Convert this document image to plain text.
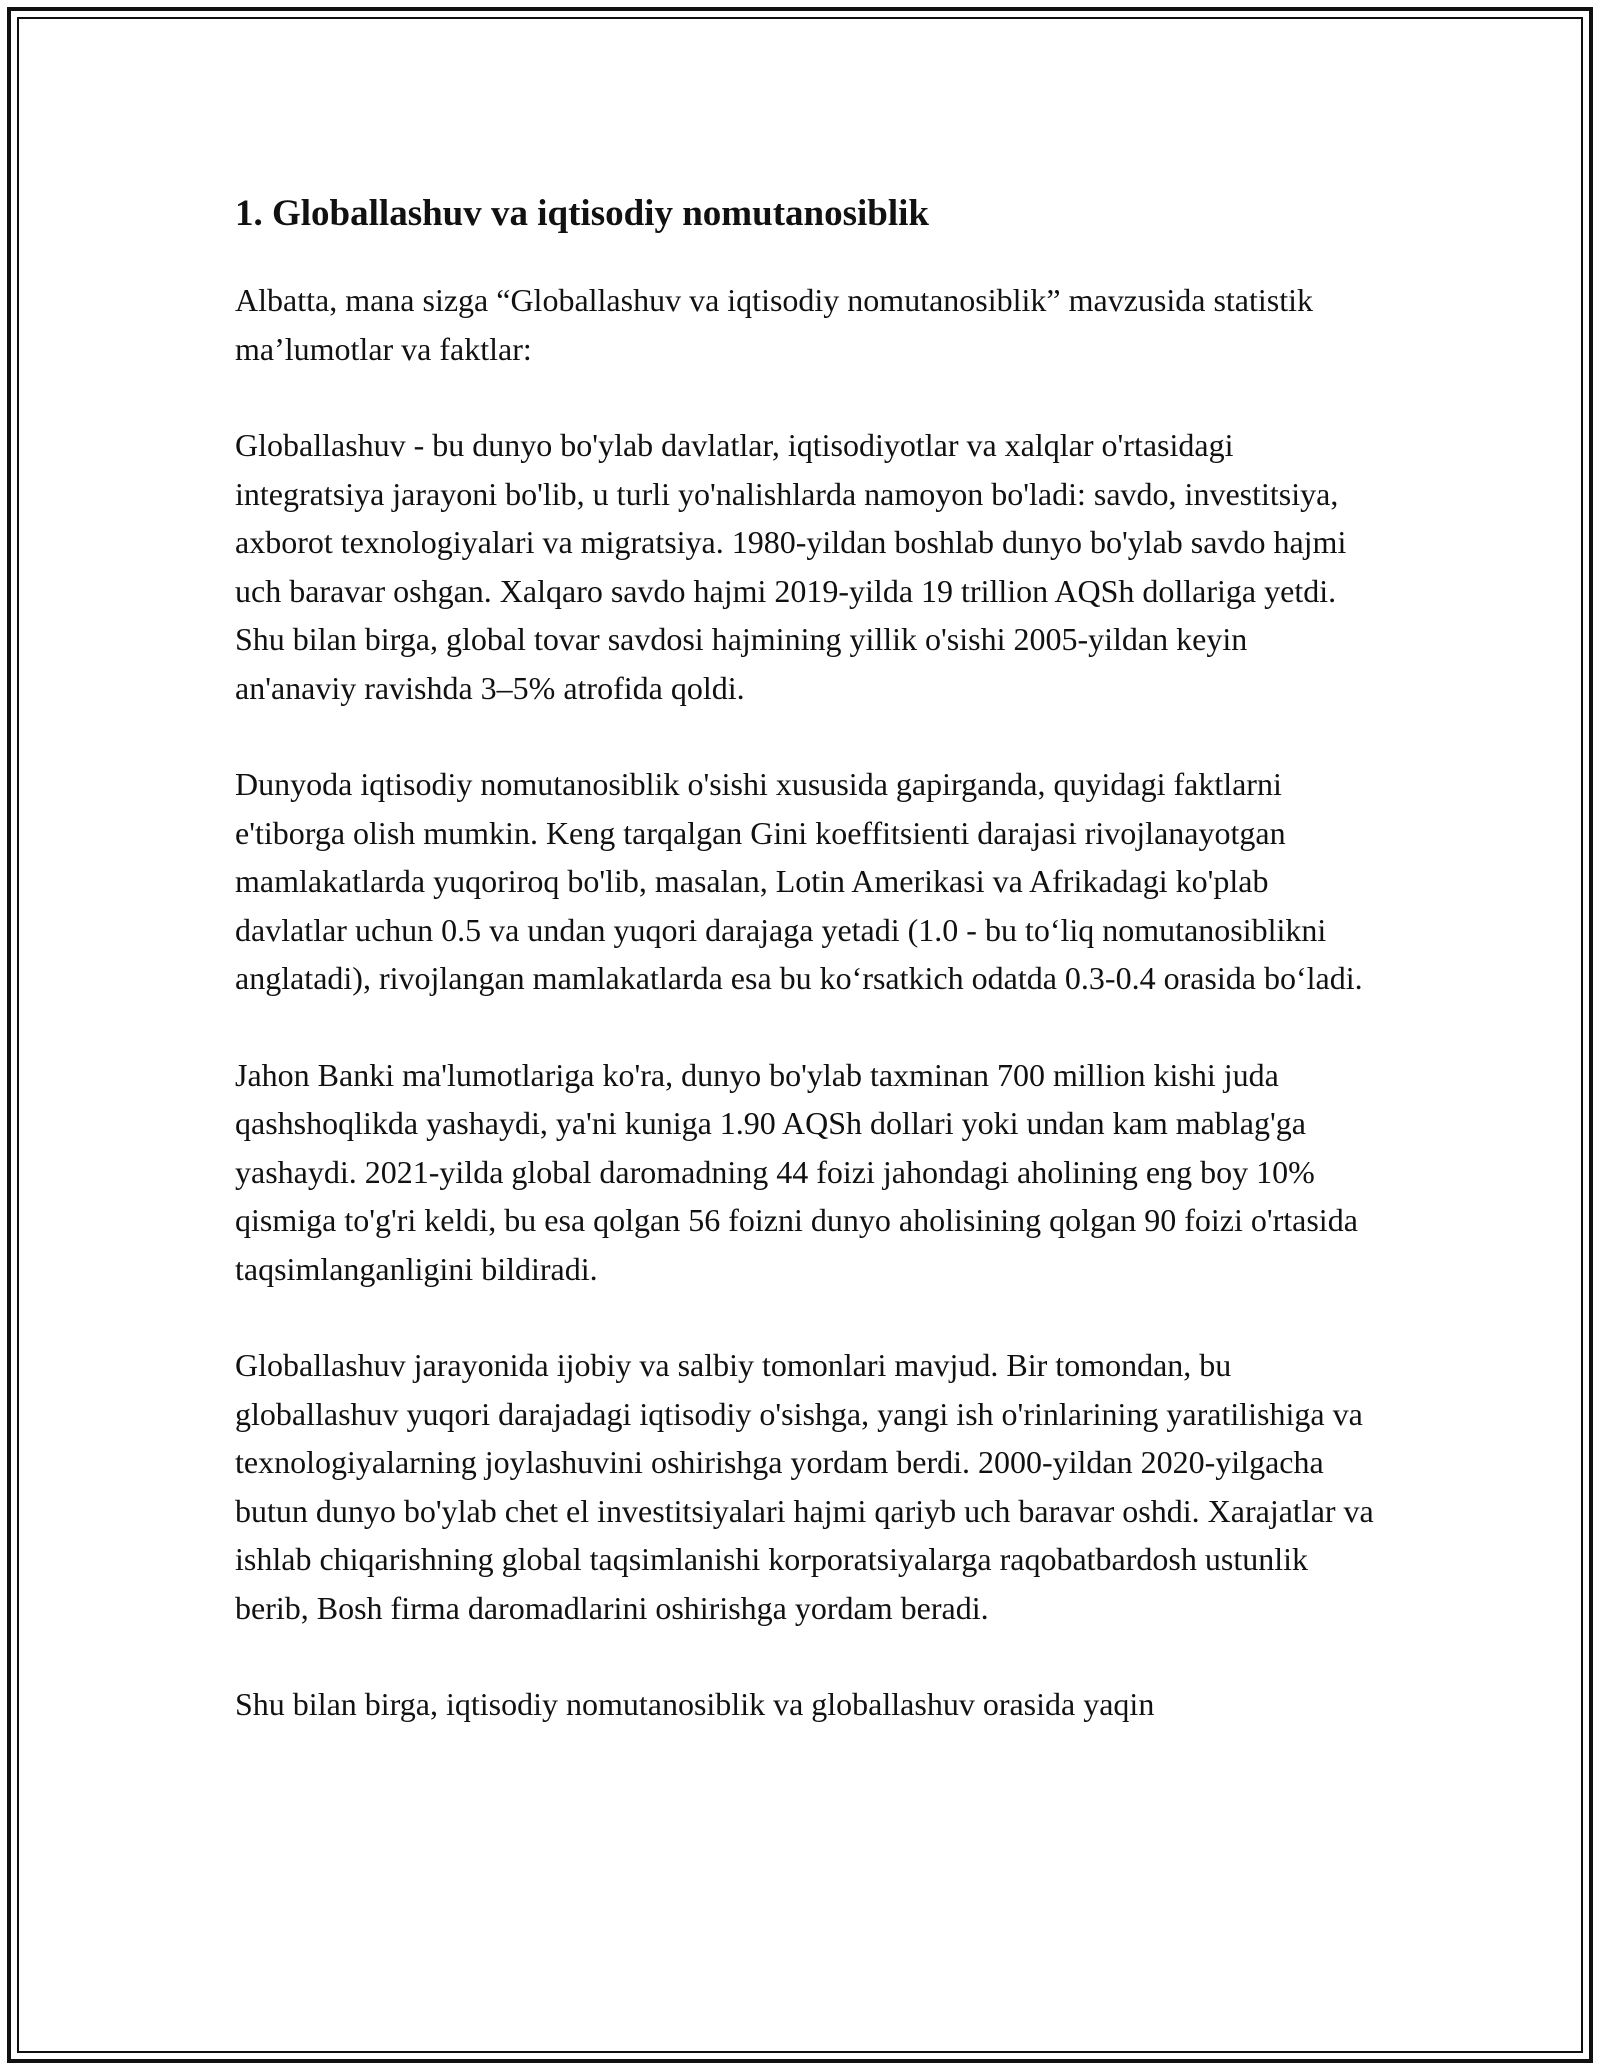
1. Globallashuv va iqtisodiy nomutanosiblik

Albatta, mana sizga “Globallashuv va iqtisodiy nomutanosiblik” mavzusida statistik ma’lumotlar va faktlar:

Globallashuv - bu dunyo bo'ylab davlatlar, iqtisodiyotlar va xalqlar o'rtasidagi integratsiya jarayoni bo'lib, u turli yo'nalishlarda namoyon bo'ladi: savdo, investitsiya, axborot texnologiyalari va migratsiya. 1980-yildan boshlab dunyo bo'ylab savdo hajmi uch baravar oshgan. Xalqaro savdo hajmi 2019-yilda 19 trillion AQSh dollariga yetdi. Shu bilan birga, global tovar savdosi hajmining yillik o'sishi 2005-yildan keyin an'anaviy ravishda 3–5% atrofida qoldi.

Dunyoda iqtisodiy nomutanosiblik o'sishi xususida gapirganda, quyidagi faktlarni e'tiborga olish mumkin. Keng tarqalgan Gini koeffitsienti darajasi rivojlanayotgan mamlakatlarda yuqoriroq bo'lib, masalan, Lotin Amerikasi va Afrikadagi ko'plab davlatlar uchun 0.5 va undan yuqori darajaga yetadi (1.0 - bu to‘liq nomutanosiblikni anglatadi), rivojlangan mamlakatlarda esa bu ko‘rsatkich odatda 0.3-0.4 orasida bo‘ladi.

Jahon Banki ma'lumotlariga ko'ra, dunyo bo'ylab taxminan 700 million kishi juda qashshoqlikda yashaydi, ya'ni kuniga 1.90 AQSh dollari yoki undan kam mablag'ga yashaydi. 2021-yilda global daromadning 44 foizi jahondagi aholining eng boy 10% qismiga to'g'ri keldi, bu esa qolgan 56 foizni dunyo aholisining qolgan 90 foizi o'rtasida taqsimlanganligini bildiradi.

Globallashuv jarayonida ijobiy va salbiy tomonlari mavjud. Bir tomondan, bu globallashuv yuqori darajadagi iqtisodiy o'sishga, yangi ish o'rinlarining yaratilishiga va texnologiyalarning joylashuvini oshirishga yordam berdi. 2000-yildan 2020-yilgacha butun dunyo bo'ylab chet el investitsiyalari hajmi qariyb uch baravar oshdi. Xarajatlar va ishlab chiqarishning global taqsimlanishi korporatsiyalarga raqobatbardosh ustunlik berib, Bosh firma daromadlarini oshirishga yordam beradi.

Shu bilan birga, iqtisodiy nomutanosiblik va globallashuv orasida yaqin
